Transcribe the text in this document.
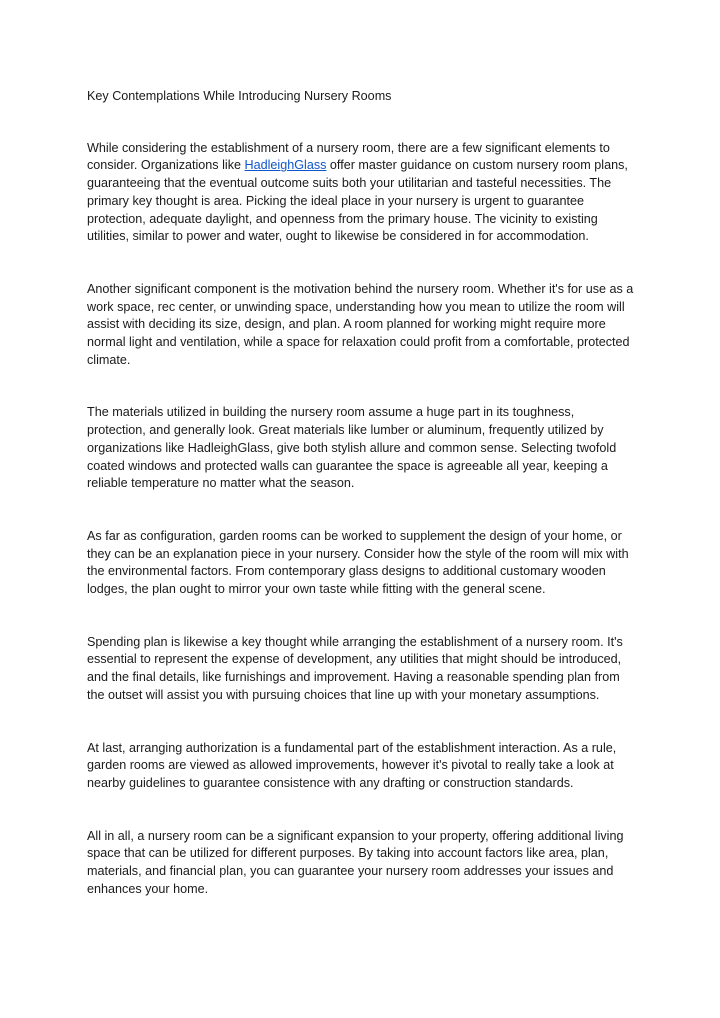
Key Contemplations While Introducing Nursery Rooms

While considering the establishment of a nursery room, there are a few significant elements to consider. Organizations like HadleighGlass offer master guidance on custom nursery room plans, guaranteeing that the eventual outcome suits both your utilitarian and tasteful necessities. The primary key thought is area. Picking the ideal place in your nursery is urgent to guarantee protection, adequate daylight, and openness from the primary house. The vicinity to existing utilities, similar to power and water, ought to likewise be considered in for accommodation.

Another significant component is the motivation behind the nursery room. Whether it's for use as a work space, rec center, or unwinding space, understanding how you mean to utilize the room will assist with deciding its size, design, and plan. A room planned for working might require more normal light and ventilation, while a space for relaxation could profit from a comfortable, protected climate.

The materials utilized in building the nursery room assume a huge part in its toughness, protection, and generally look. Great materials like lumber or aluminum, frequently utilized by organizations like HadleighGlass, give both stylish allure and common sense. Selecting twofold coated windows and protected walls can guarantee the space is agreeable all year, keeping a reliable temperature no matter what the season.

As far as configuration, garden rooms can be worked to supplement the design of your home, or they can be an explanation piece in your nursery. Consider how the style of the room will mix with the environmental factors. From contemporary glass designs to additional customary wooden lodges, the plan ought to mirror your own taste while fitting with the general scene.

Spending plan is likewise a key thought while arranging the establishment of a nursery room. It's essential to represent the expense of development, any utilities that might should be introduced, and the final details, like furnishings and improvement. Having a reasonable spending plan from the outset will assist you with pursuing choices that line up with your monetary assumptions.

At last, arranging authorization is a fundamental part of the establishment interaction. As a rule, garden rooms are viewed as allowed improvements, however it's pivotal to really take a look at nearby guidelines to guarantee consistence with any drafting or construction standards.

All in all, a nursery room can be a significant expansion to your property, offering additional living space that can be utilized for different purposes. By taking into account factors like area, plan, materials, and financial plan, you can guarantee your nursery room addresses your issues and enhances your home.
